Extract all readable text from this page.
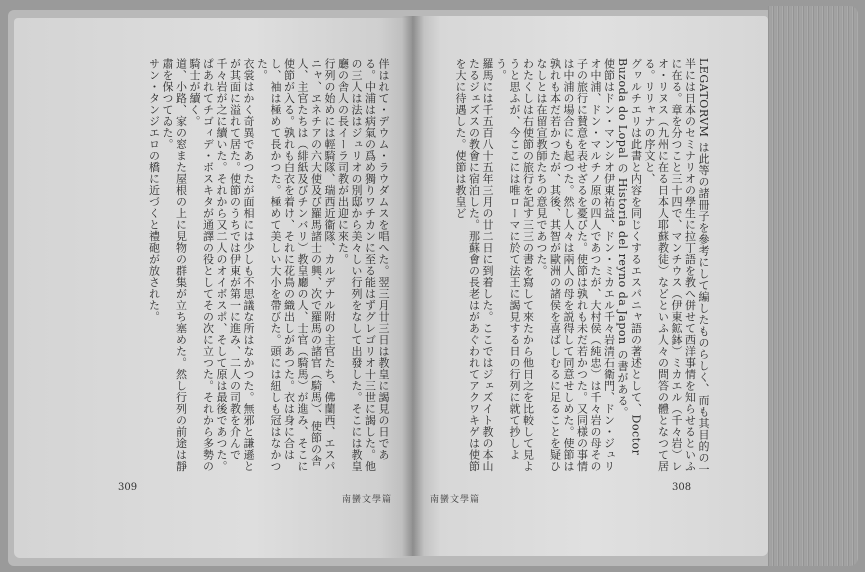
伴はれて・デウム・ラウダムスを唱へた。翌三月廿三日は教皇に謁見の日である。中浦は病氣の爲め獨りワチカンに至る能はずグレゴリオ十三世に謁した。他の三人は法はジュリオの別邸から美々しい行列をなして出發した。そこには教皇廳の舎人の長イーラ司教が出迎に來た。

行列の始めには輕騎隊、瑞西近衞隊、カルデナル附の主官たち、佛蘭西、エスパニャ、ヱネチアの六大使及び羅馬諸士の興、次で羅馬の諸官（騎馬）、使節の舎人、主官たちは（緋紙及びチンバリ）教皇廳の人、士官（騎馬）が進み、そこに使節が入る。孰れも白衣を着け、それに花鳥の織出しがあつた。衣は身に合はし、袖は極めて長かつた。極めて美しい大小を帶びた。頭には紐しも冠はなかつた。

衣裳はかく奇異であつたが面相には少しも不思議な所はなかつた。無邪と謙遜とが其面に溢れて居た。使節のうちでは伊東が第一に進み、二人の司教を介んで千々岩が之に續いた。それから又二人のオイボスポ、そして原は最後であつた。ぱあれてチゴィデ・ボスキタが通譯の役としてその次に立つた。それから多勢の騎士が續く。

道、小路、家の窓また屋根の上に見物の群集が立ち塞めた。然し行列の前途は靜肅を保つてゐた。

サン・タンジエロの橋に近づくと禮砲が放された。	LEGATORVM は此等の諸冊子を參考にして編したものらしく、而も其目的の一半には日本のセミナリオの學生に拉丁語を教へ併せて西洋事情を知らせるといふに在る。章を分つこと三十四で、マンチウス（伊東鉱鉢）ミカエル（千々岩）レオ・リヌス（九州に在る日本人耶蘇教徒）などといふ人々の問答の體となつて居る。リリャナの序文と、

グヮルチエリは此書と内容を同じくするエスパニャ語の著述として、Doctor Buzoda do Lopal の Historia del reyno da Japon の書がある。

使節はドン・マンシオ伊東祐益、ドン・ミカエル千々岩清石衛門、ドン・ジュリオ中浦、ドン・マルチノ原の四人であつたが、大村侯（純忠）は千々岩の母その子の旅行に賛意を表せざるを憂びた。使節は孰れも未だ若かつた。又同様の事情は中浦の場合にも起つた。然し人々は兩人の母を説得して同意せしめた。使節は孰れも本だ若かつたが、其後、其智が歐洲の諸侯を喜ばしむるに足ることを疑ひなしとは在留宣教師たちの意見であつた。

わたくしは右使節の旅行を記す三三の書を寫して來たから他日之を比較して見ようと思ふが、今ここには唯ローマに於て法王に謁見する日の行列に就て抄しよう。

羅馬には千五百八十五年三月の廿二日に到着した。ここではジェズイト教の本山たるジェズスの教會に宿泊した。那蘇會の長老はがあぐわれてアクワキゲは使節を大に待遇した。使節は教皇ど

309	308
南蠻文學篇	南蠻文學篇
